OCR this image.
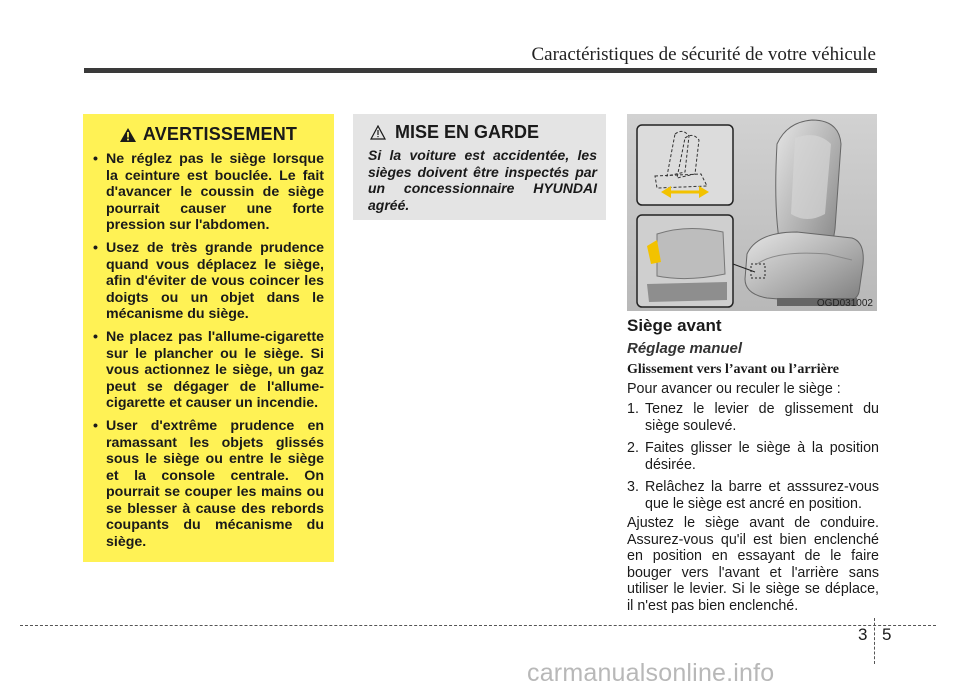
Caractéristiques de sécurité de votre véhicule
AVERTISSEMENT
• Ne réglez pas le siège lorsque la ceinture est bouclée. Le fait d'avancer le coussin de siège pourrait causer une forte pression sur l'abdomen.
• Usez de très grande prudence quand vous déplacez le siège, afin d'éviter de vous coincer les doigts ou un objet dans le mécanisme du siège.
• Ne placez pas l'allume-cigarette sur le plancher ou le siège. Si vous actionnez le siège, un gaz peut se dégager de l'allume-cigarette et causer un incendie.
• User d'extrême prudence en ramassant les objets glissés sous le siège ou entre le siège et la console centrale. On pourrait se couper les mains ou se blesser à cause des rebords coupants du mécanisme du siège.
MISE EN GARDE
Si la voiture est accidentée, les sièges doivent être inspectés par un concessionnaire HYUNDAI agréé.
OGD031002
Siège avant
Réglage manuel
Glissement vers l’avant ou l’arrière
Pour avancer ou reculer le siège :
1. Tenez le levier de glissement du siège soulevé.
2. Faites glisser le siège à la position désirée.
3. Relâchez la barre et asssurez-vous que le siège est ancré en position.
Ajustez le siège avant de conduire. Assurez-vous qu'il est bien enclenché en position en essayant de le faire bouger vers l'avant et l'arrière sans utiliser le levier. Si le siège se déplace, il n'est pas bien enclenché.
3 5
carmanualsonline.info
